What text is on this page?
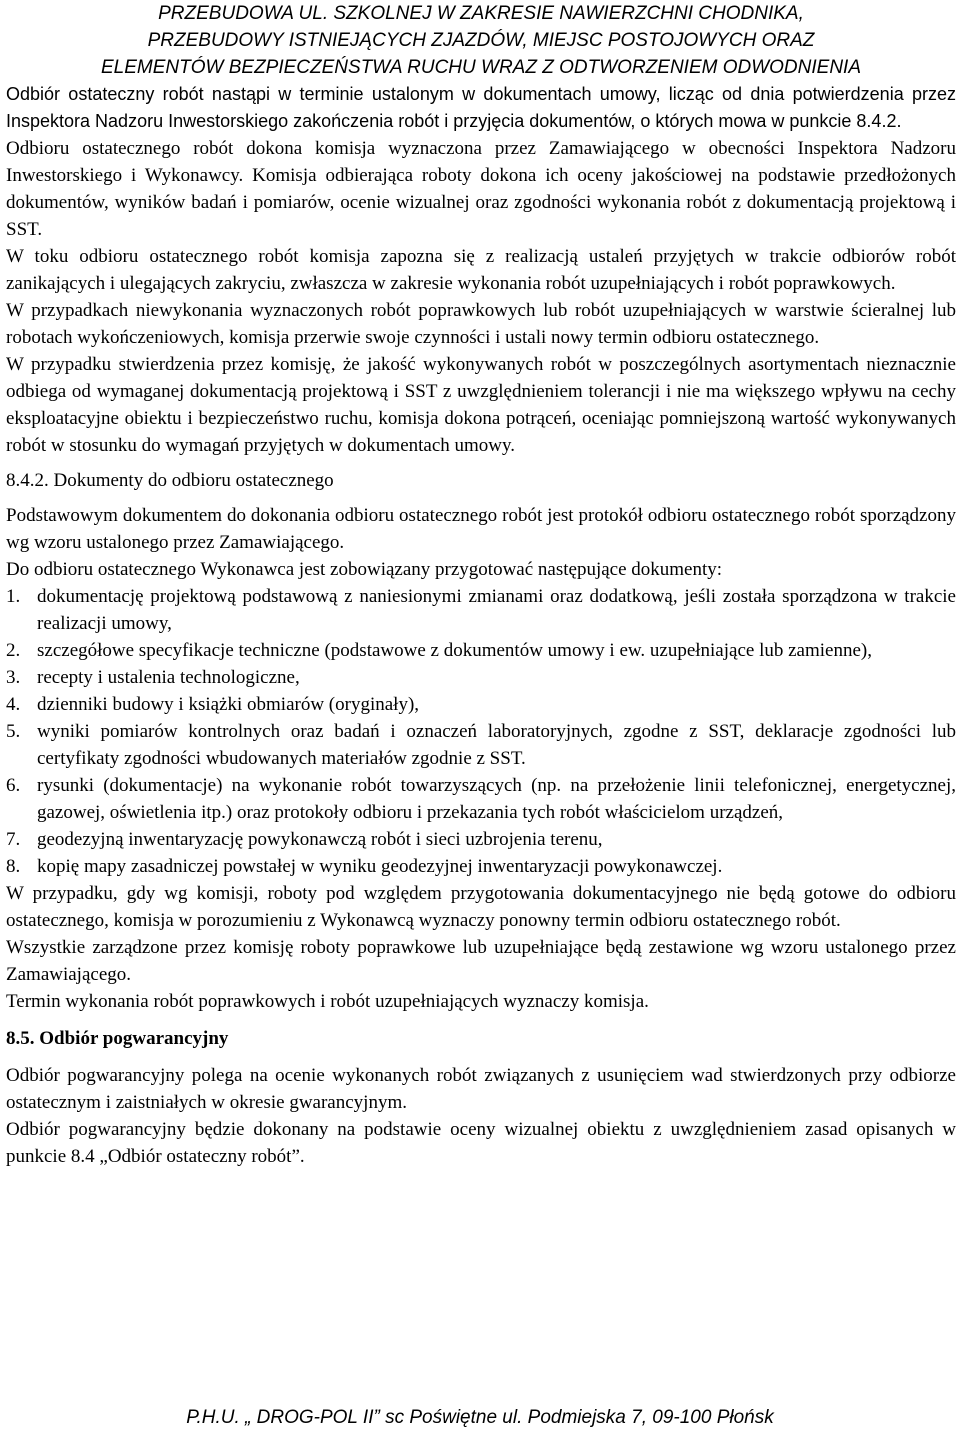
PRZEBUDOWA UL. SZKOLNEJ W ZAKRESIE NAWIERZCHNI CHODNIKA,
PRZEBUDOWY ISTNIEJĄCYCH ZJAZDÓW, MIEJSC POSTOJOWYCH ORAZ
ELEMENTÓW BEZPIECZEŃSTWA RUCHU WRAZ Z ODTWORZENIEM ODWODNIENIA

Odbiór ostateczny robót nastąpi w terminie ustalonym w dokumentach umowy, licząc od dnia potwierdzenia przez Inspektora Nadzoru Inwestorskiego zakończenia robót i przyjęcia dokumentów, o których mowa w punkcie 8.4.2.

Odbioru ostatecznego robót dokona komisja wyznaczona przez Zamawiającego w obecności Inspektora Nadzoru Inwestorskiego i Wykonawcy. Komisja odbierająca roboty dokona ich oceny jakościowej na podstawie przedłożonych dokumentów, wyników badań i pomiarów, ocenie wizualnej oraz zgodności wykonania robót z dokumentacją projektową i SST.

W toku odbioru ostatecznego robót komisja zapozna się z realizacją ustaleń przyjętych w trakcie odbiorów robót zanikających i ulegających zakryciu, zwłaszcza w zakresie wykonania robót uzupełniających i robót poprawkowych.

W przypadkach niewykonania wyznaczonych robót poprawkowych lub robót uzupełniających w warstwie ścieralnej lub robotach wykończeniowych, komisja przerwie swoje czynności i ustali nowy termin odbioru ostatecznego.

W przypadku stwierdzenia przez komisję, że jakość wykonywanych robót w poszczególnych asortymentach nieznacznie odbiega od wymaganej dokumentacją projektową i SST z uwzględnieniem tolerancji i nie ma większego wpływu na cechy eksploatacyjne obiektu i bezpieczeństwo ruchu, komisja dokona potrąceń, oceniając pomniejszoną wartość wykonywanych robót w stosunku do wymagań przyjętych w dokumentach umowy.

8.4.2. Dokumenty do odbioru ostatecznego

Podstawowym dokumentem do dokonania odbioru ostatecznego robót jest protokół odbioru ostatecznego robót sporządzony wg wzoru ustalonego przez Zamawiającego.

Do odbioru ostatecznego Wykonawca jest zobowiązany przygotować następujące dokumenty:

1. dokumentację projektową podstawową z naniesionymi zmianami oraz dodatkową, jeśli została sporządzona w trakcie realizacji umowy,
2. szczegółowe specyfikacje techniczne (podstawowe z dokumentów umowy i ew. uzupełniające lub zamienne),
3. recepty i ustalenia technologiczne,
4. dzienniki budowy i książki obmiarów (oryginały),
5. wyniki pomiarów kontrolnych oraz badań i oznaczeń laboratoryjnych, zgodne z SST, deklaracje zgodności lub certyfikaty zgodności wbudowanych materiałów zgodnie z SST.
6. rysunki (dokumentacje) na wykonanie robót towarzyszących (np. na przełożenie linii telefonicznej, energetycznej, gazowej, oświetlenia itp.) oraz protokoły odbioru i przekazania tych robót właścicielom urządzeń,
7. geodezyjną inwentaryzację powykonawczą robót i sieci uzbrojenia terenu,
8. kopię mapy zasadniczej powstałej w wyniku geodezyjnej inwentaryzacji powykonawczej.

W przypadku, gdy wg komisji, roboty pod względem przygotowania dokumentacyjnego nie będą gotowe do odbioru ostatecznego, komisja w porozumieniu z Wykonawcą wyznaczy ponowny termin odbioru ostatecznego robót.

Wszystkie zarządzone przez komisję roboty poprawkowe lub uzupełniające będą zestawione wg wzoru ustalonego przez Zamawiającego.

Termin wykonania robót poprawkowych i robót uzupełniających wyznaczy komisja.

8.5. Odbiór pogwarancyjny

Odbiór pogwarancyjny polega na ocenie wykonanych robót związanych z usunięciem wad stwierdzonych przy odbiorze ostatecznym i zaistniałych w okresie gwarancyjnym.

Odbiór pogwarancyjny będzie dokonany na podstawie oceny wizualnej obiektu z uwzględnieniem zasad opisanych w punkcie 8.4 „Odbiór ostateczny robót”.

P.H.U. „ DROG-POL II” sc Poświętne ul. Podmiejska 7, 09-100 Płońsk
